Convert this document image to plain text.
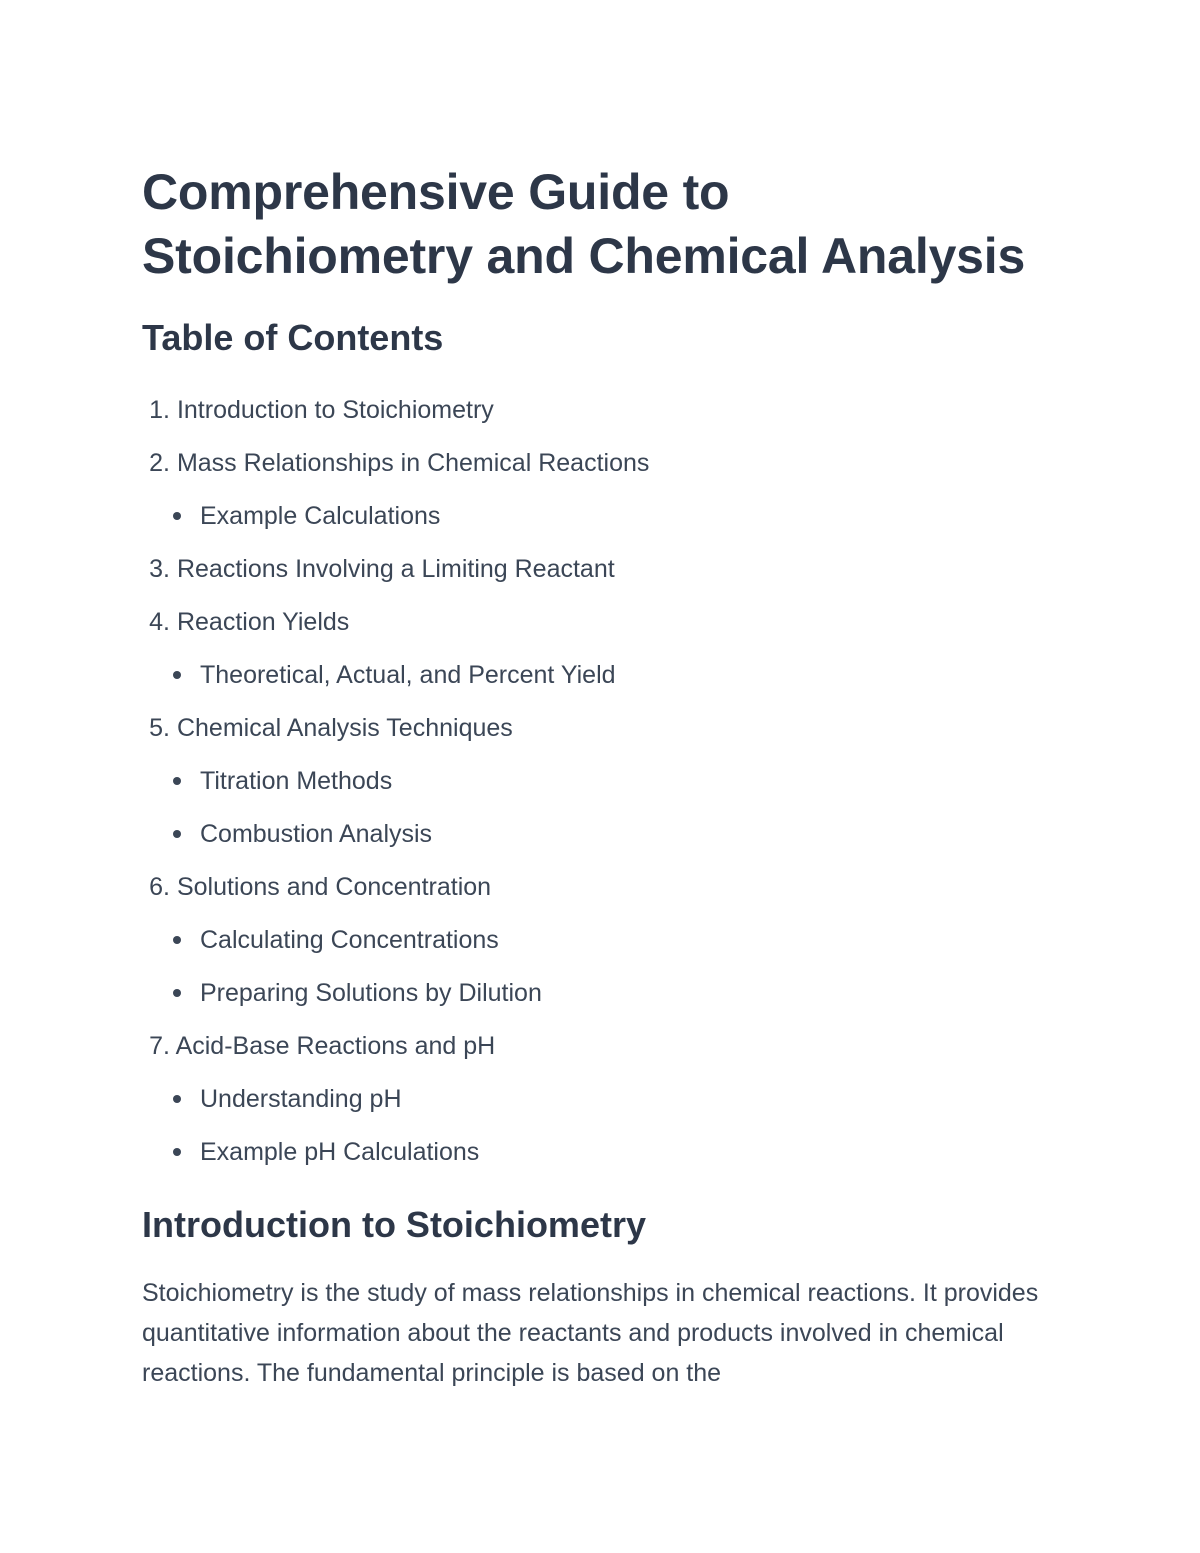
Comprehensive Guide to Stoichiometry and Chemical Analysis
Table of Contents
1. Introduction to Stoichiometry
2. Mass Relationships in Chemical Reactions
Example Calculations
3. Reactions Involving a Limiting Reactant
4. Reaction Yields
Theoretical, Actual, and Percent Yield
5. Chemical Analysis Techniques
Titration Methods
Combustion Analysis
6. Solutions and Concentration
Calculating Concentrations
Preparing Solutions by Dilution
7. Acid-Base Reactions and pH
Understanding pH
Example pH Calculations
Introduction to Stoichiometry

Stoichiometry is the study of mass relationships in chemical reactions. It provides quantitative information about the reactants and products involved in chemical reactions. The fundamental principle is based on the
